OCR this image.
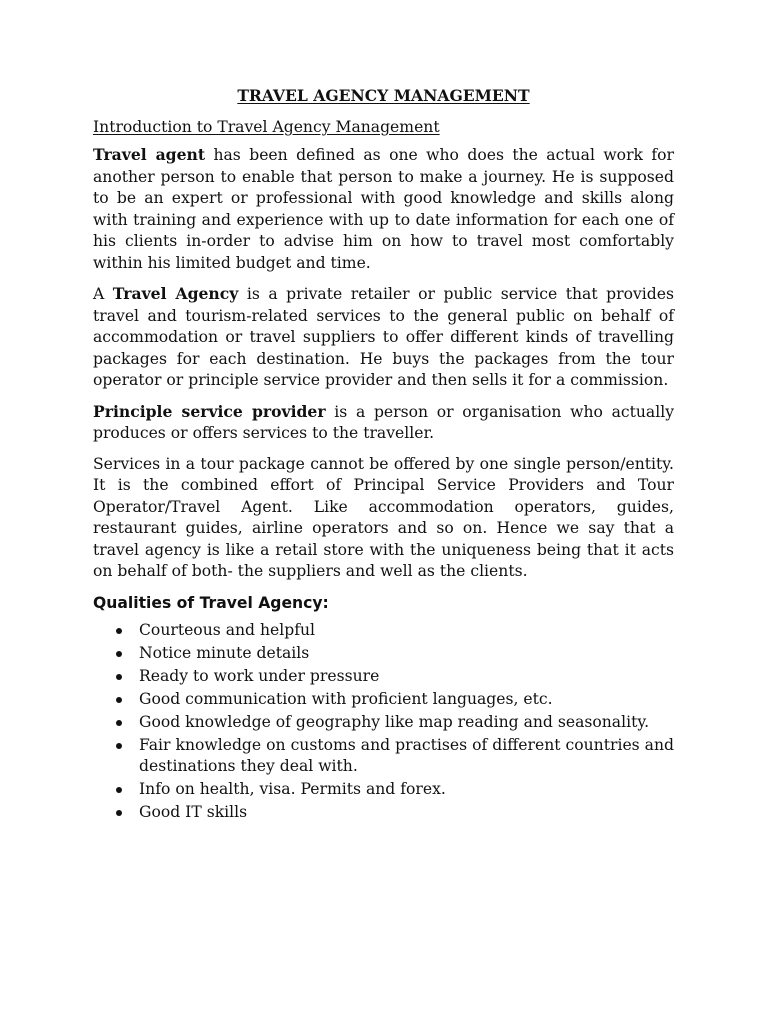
TRAVEL AGENCY MANAGEMENT
Introduction to Travel Agency Management

Travel agent has been defined as one who does the actual work for another person to enable that person to make a journey. He is supposed to be an expert or professional with good knowledge and skills along with training and experience with up to date information for each one of his clients in-order to advise him on how to travel most comfortably within his limited budget and time.

A Travel Agency is a private retailer or public service that provides travel and tourism-related services to the general public on behalf of accommodation or travel suppliers to offer different kinds of travelling packages for each destination. He buys the packages from the tour operator or principle service provider and then sells it for a commission.

Principle service provider is a person or organisation who actually produces or offers services to the traveller.

Services in a tour package cannot be offered by one single person/entity. It is the combined effort of Principal Service Providers and Tour Operator/Travel Agent. Like accommodation operators, guides, restaurant guides, airline operators and so on. Hence we say that a travel agency is like a retail store with the uniqueness being that it acts on behalf of both- the suppliers and well as the clients.

Qualities of Travel Agency:
Courteous and helpful
Notice minute details
Ready to work under pressure
Good communication with proficient languages, etc.
Good knowledge of geography like map reading and seasonality.
Fair knowledge on customs and practises of different countries and destinations they deal with.
Info on health, visa. Permits and forex.
Good IT skills
